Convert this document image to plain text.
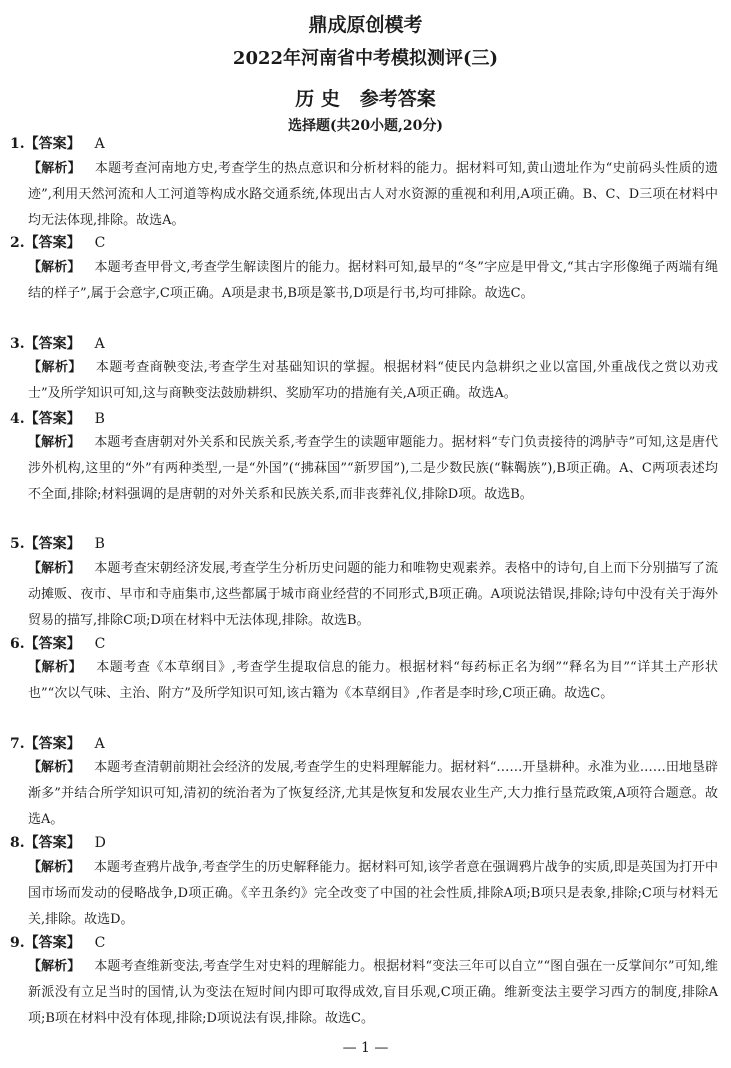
鼎成原创模考
2022年河南省中考模拟测评(三)
历 史   参考答案
选择题(共20小题,20分)
1.【答案】 A
【解析】 本题考查河南地方史,考查学生的热点意识和分析材料的能力。据材料可知,黄山遗址作为“史前码头性质的遗迹”,利用天然河流和人工河道等构成水路交通系统,体现出古人对水资源的重视和利用,A项正确。B、C、D三项在材料中均无法体现,排除。故选A。
2.【答案】 C
【解析】 本题考查甲骨文,考查学生解读图片的能力。据材料可知,最早的“冬”字应是甲骨文,“其古字形像绳子两端有绳结的样子”,属于会意字,C项正确。A项是隶书,B项是篆书,D项是行书,均可排除。故选C。
3.【答案】 A
【解析】 本题考查商鞅变法,考查学生对基础知识的掌握。根据材料“使民内急耕织之业以富国,外重战伐之赏以劝戎士”及所学知识可知,这与商鞅变法鼓励耕织、奖励军功的措施有关,A项正确。故选A。
4.【答案】 B
【解析】 本题考查唐朝对外关系和民族关系,考查学生的读题审题能力。据材料“专门负责接待的鸿胪寺”可知,这是唐代涉外机构,这里的“外”有两种类型,一是“外国”(“拂菻国”“新罗国”),二是少数民族(“靺鞨族”),B项正确。A、C两项表述均不全面,排除;材料强调的是唐朝的对外关系和民族关系,而非丧葬礼仪,排除D项。故选B。
5.【答案】 B
【解析】 本题考查宋朝经济发展,考查学生分析历史问题的能力和唯物史观素养。表格中的诗句,自上而下分别描写了流动摊贩、夜市、早市和寺庙集市,这些都属于城市商业经营的不同形式,B项正确。A项说法错误,排除;诗句中没有关于海外贸易的描写,排除C项;D项在材料中无法体现,排除。故选B。
6.【答案】 C
【解析】 本题考查《本草纲目》,考查学生提取信息的能力。根据材料“每药标正名为纲”“释名为目”“详其土产形状也”“次以气味、主治、附方”及所学知识可知,该古籍为《本草纲目》,作者是李时珍,C项正确。故选C。
7.【答案】 A
【解析】 本题考查清朝前期社会经济的发展,考查学生的史料理解能力。据材料“……开垦耕种。永准为业……田地垦辟渐多”并结合所学知识可知,清初的统治者为了恢复经济,尤其是恢复和发展农业生产,大力推行垦荒政策,A项符合题意。故选A。
8.【答案】 D
【解析】 本题考查鸦片战争,考查学生的历史解释能力。据材料可知,该学者意在强调鸦片战争的实质,即是英国为打开中国市场而发动的侵略战争,D项正确。《辛丑条约》完全改变了中国的社会性质,排除A项;B项只是表象,排除;C项与材料无关,排除。故选D。
9.【答案】 C
【解析】 本题考查维新变法,考查学生对史料的理解能力。根据材料“变法三年可以自立”“图自强在一反掌间尔”可知,维新派没有立足当时的国情,认为变法在短时间内即可取得成效,盲目乐观,C项正确。维新变法主要学习西方的制度,排除A项;B项在材料中没有体现,排除;D项说法有误,排除。故选C。
— 1 —
